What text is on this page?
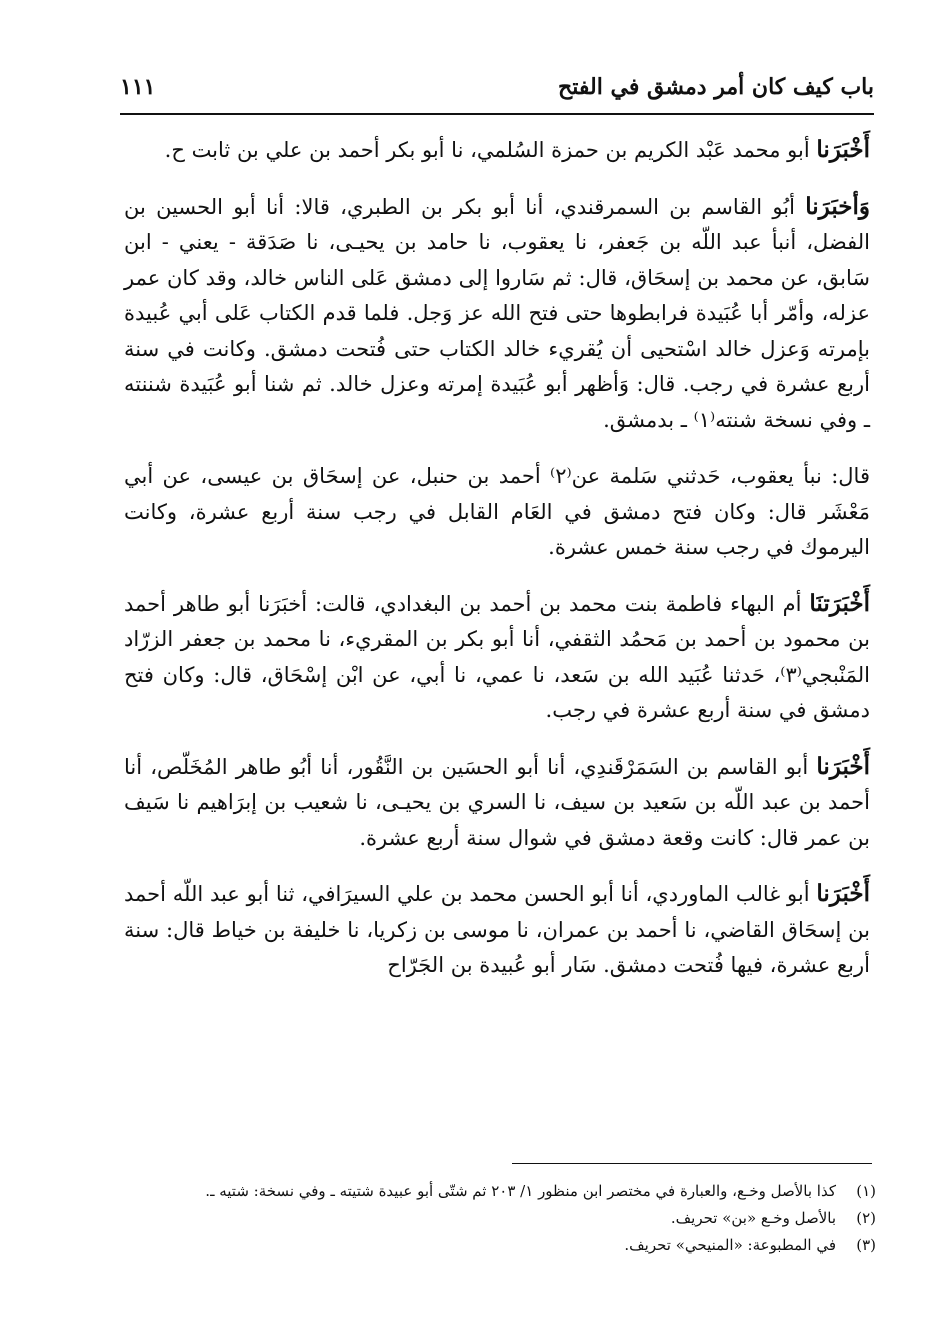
باب كيف كان أمر دمشق في الفتح
١١١

أَخْبَرَنا أبو محمد عَبْد الكريم بن حمزة السُلمي، نا أبو بكر أحمد بن علي بن ثابت ح.

وَأخبَرَنا أبُو القاسم بن السمرقندي، أنا أبو بكر بن الطبري، قالا: أنا أبو الحسين بن الفضل، أنبأ عبد اللّه بن جَعفر، نا يعقوب، نا حامد بن يحيـى، نا صَدَقة - يعني - ابن سَابق، عن محمد بن إسحَاق، قال: ثم سَاروا إلى دمشق عَلى الناس خالد، وقد كان عمر عزله، وأمّر أبا عُبَيدة فرابطوها حتى فتح الله عز وَجل. فلما قدم الكتاب عَلى أبي عُبيدة بإمرته وَعزل خالد اسْتحيى أن يُقريء خالد الكتاب حتى فُتحت دمشق. وكانت في سنة أربع عشرة في رجب. قال: وَأظهر أبو عُبَيدة إمرته وعزل خالد. ثم شنا أبو عُبَيدة شننته ـ وفي نسخة شنته⁽١⁾ ـ بدمشق.

قال: نبأ يعقوب، حَدثني سَلمة عن⁽٢⁾ أحمد بن حنبل، عن إسحَاق بن عيسى، عن أبي مَعْشَر قال: وكان فتح دمشق في العَام القابل في رجب سنة أربع عشرة، وكانت اليرموك في رجب سنة خمس عشرة.

أَخْبَرَتنَا أم البهاء فاطمة بنت محمد بن أحمد بن البغدادي، قالت: أخبَرَنا أبو طاهر أحمد بن محمود بن أحمد بن مَحمُد الثقفي، أنا أبو بكر بن المقريء، نا محمد بن جعفر الزرّاد المَنْبجي⁽٣⁾، حَدثنا عُبَيد الله بن سَعد، نا عمي، نا أبي، عن ابْن إسْحَاق، قال: وكان فتح دمشق في سنة أربع عشرة في رجب.

أَخْبَرَنا أبو القاسم بن السَمَرْقَندِي، أنا أبو الحسَين بن النَّقُور، أنا أبُو طاهر المُخَلّص، أنا أحمد بن عبد اللّه بن سَعيد بن سيف، نا السري بن يحيـى، نا شعيب بن إبرَاهيم نا سَيف بن عمر قال: كانت وقعة دمشق في شوال سنة أربع عشرة.

أَخْبَرَنا أبو غالب الماوردي، أنا أبو الحسن محمد بن علي السيرَافي، ثنا أبو عبد اللّه أحمد بن إسحَاق القاضي، نا أحمد بن عمران، نا موسى بن زكريا، نا خليفة بن خياط قال: سنة أربع عشرة، فيها فُتحت دمشق. سَار أبو عُبيدة بن الجَرّاح

(١)كذا بالأصل وخـع، والعبارة في مختصر ابن منظور ١/ ٢٠٣ ثم شتّى أبو عبيدة شتيته ـ وفي نسخة: شتيه ـ.

(٢)بالأصل وخـع «بن» تحريف.

(٣)في المطبوعة: «المنيحي» تحريف.
